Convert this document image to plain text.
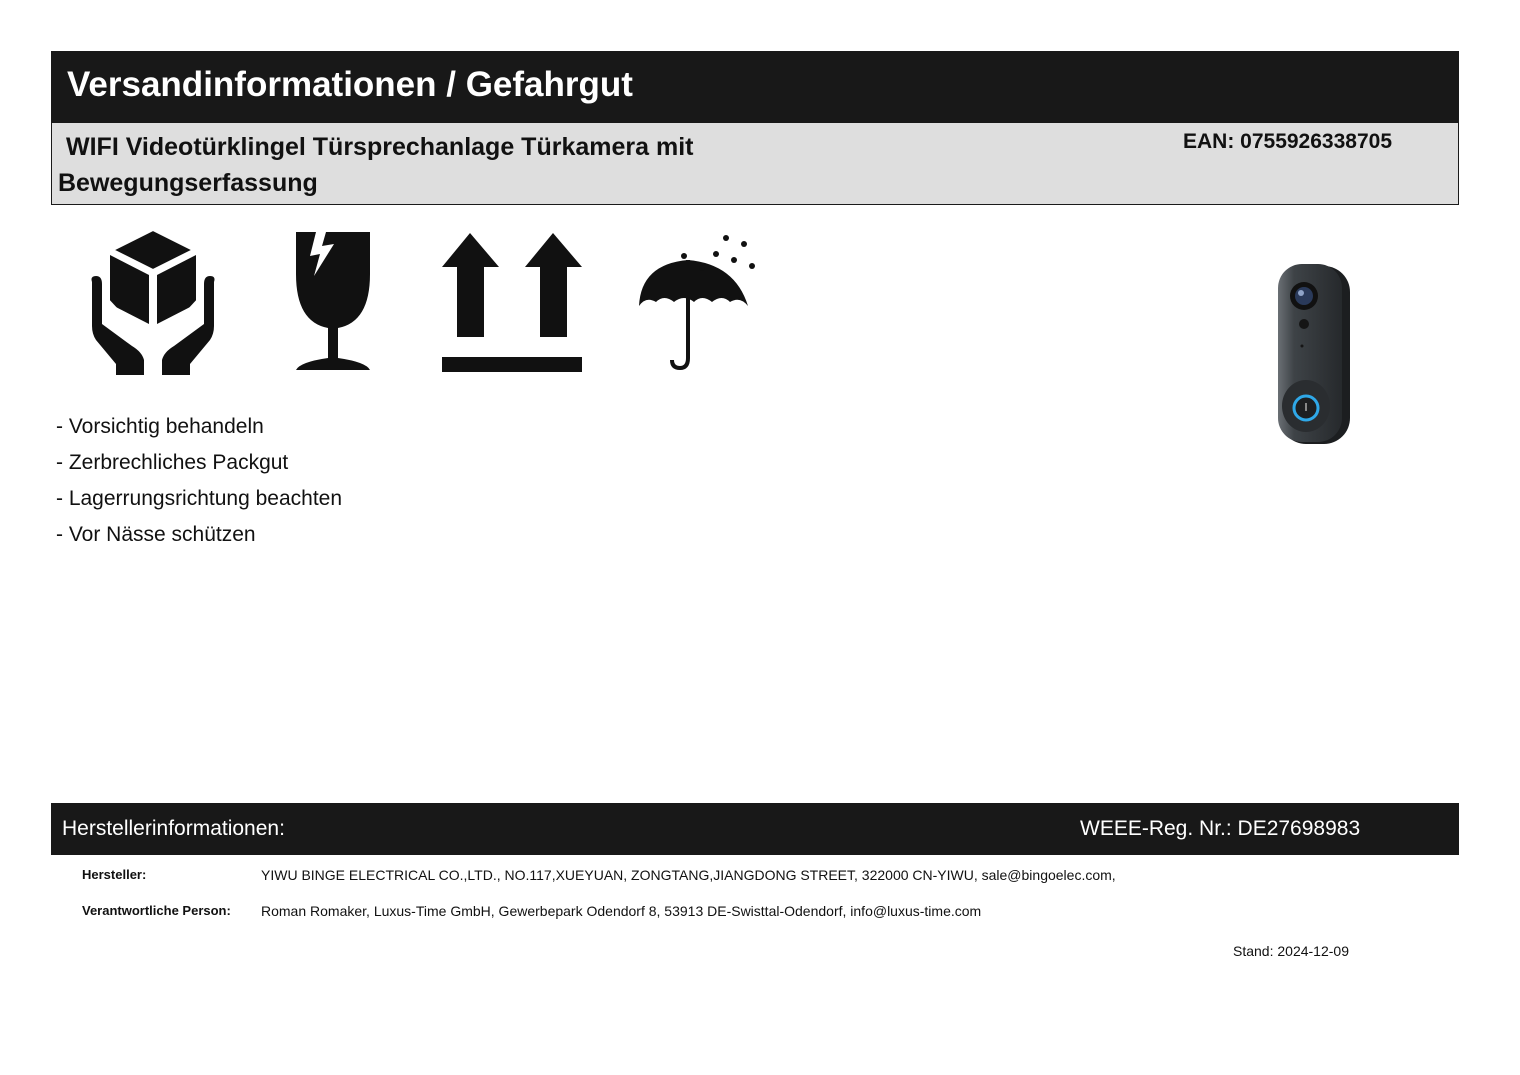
Versandinformationen / Gefahrgut
WIFI Videotürklingel Türsprechanlage Türkamera mit Bewegungserfassung
EAN: 0755926338705
- Vorsichtig behandeln
- Zerbrechliches Packgut
- Lagerrungsrichtung beachten
- Vor Nässe schützen
Herstellerinformationen:	WEEE-Reg. Nr.: DE27698983
Hersteller:	YIWU BINGE ELECTRICAL CO.,LTD., NO.117,XUEYUAN, ZONGTANG,JIANGDONG STREET, 322000 CN-YIWU, sale@bingoelec.com,
Verantwortliche Person: Roman Romaker, Luxus-Time GmbH, Gewerbepark Odendorf 8, 53913 DE-Swisttal-Odendorf, info@luxus-time.com
Stand: 2024-12-09
